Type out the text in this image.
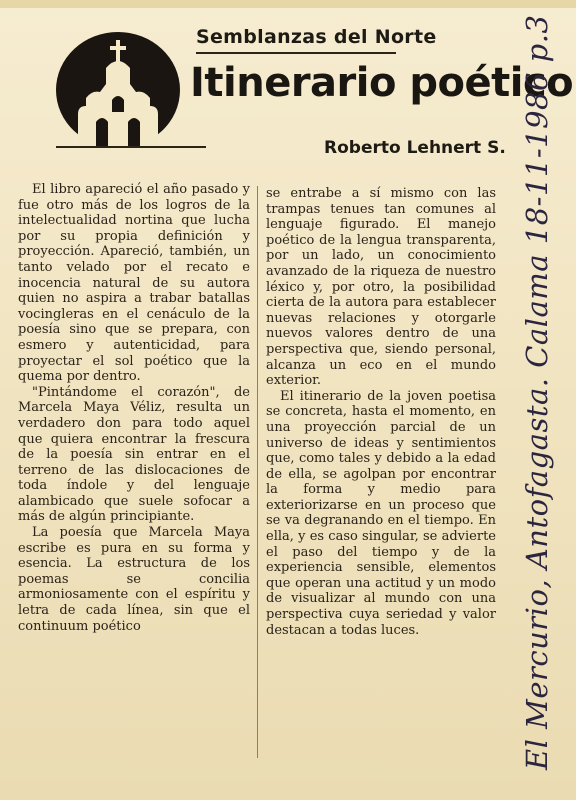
Semblanzas del Norte
Itinerario poético
Roberto Lehnert S.

El libro apareció el año pasado y fue otro más de los logros de la intelectualidad nortina que lucha por su propia definición y proyección. Apareció, también, un tanto velado por el recato e inocencia natural de su autora quien no aspira a trabar batallas vocingleras en el cenáculo de la poesía sino que se prepara, con esmero y autenticidad, para proyectar el sol poético que la quema por dentro.

"Pintándome el corazón", de Marcela Maya Véliz, resulta un verdadero don para todo aquel que quiera encontrar la frescura de la poesía sin entrar en el terreno de las dislocaciones de toda índole y del lenguaje alambicado que suele sofocar a más de algún principiante.

La poesía que Marcela Maya escribe es pura en su forma y esencia. La estructura de los poemas se concilia armoniosamente con el espíritu y letra de cada línea, sin que el continuum poético

se entrabe a sí mismo con las trampas tenues tan comunes al lenguaje figurado. El manejo poético de la lengua transparenta, por un lado, un conocimiento avanzado de la riqueza de nuestro léxico y, por otro, la posibilidad cierta de la autora para establecer nuevas relaciones y otorgarle nuevos valores dentro de una perspectiva que, siendo personal, alcanza un eco en el mundo exterior.

El itinerario de la joven poetisa se concreta, hasta el momento, en una proyección parcial de un universo de ideas y sentimientos que, como tales y debido a la edad de ella, se agolpan por encontrar la forma y medio para exteriorizarse en un proceso que se va degranando en el tiempo. En ella, y es caso singular, se advierte el paso del tiempo y de la experiencia sensible, elementos que operan una actitud y un modo de visualizar al mundo con una perspectiva cuya seriedad y valor destacan a todas luces.	El Mercurio, Antofagasta. Calama 18-11-1986 p.3
